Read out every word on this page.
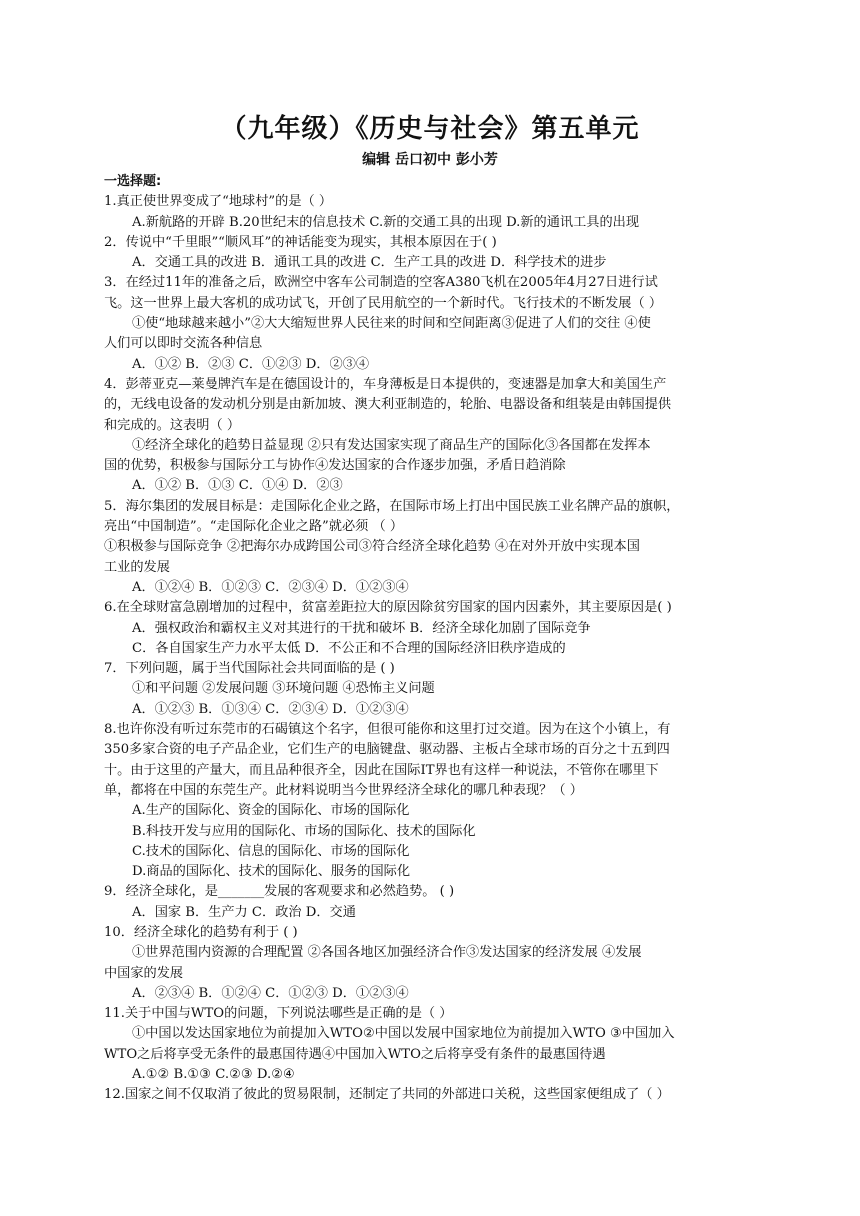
（九年级）《历史与社会》第五单元
编辑 岳口初中 彭小芳
一选择题:
1.真正使世界变成了“地球村”的是（ ）
A.新航路的开辟 B.20世纪末的信息技术 C.新的交通工具的出现 D.新的通讯工具的出现
2．传说中“千里眼”“顺风耳”的神话能变为现实，其根本原因在于( )
A．交通工具的改进 B．通讯工具的改进 C．生产工具的改进 D．科学技术的进步
3．在经过11年的准备之后，欧洲空中客车公司制造的空客A380飞机在2005年4月27日进行试
飞。这一世界上最大客机的成功试飞，开创了民用航空的一个新时代。飞行技术的不断发展（ ）
①使“地球越来越小”②大大缩短世界人民往来的时间和空间距离③促进了人们的交往 ④使
人们可以即时交流各种信息
A．①② B．②③ C．①②③ D．②③④
4．彭蒂亚克—莱曼牌汽车是在德国设计的，车身薄板是日本提供的，变速器是加拿大和美国生产
的，无线电设备的发动机分别是由新加坡、澳大利亚制造的，轮胎、电器设备和组装是由韩国提供
和完成的。这表明（ ）
①经济全球化的趋势日益显现 ②只有发达国家实现了商品生产的国际化③各国都在发挥本
国的优势，积极参与国际分工与协作④发达国家的合作逐步加强，矛盾日趋消除
A．①② B．①③ C．①④ D．②③
5．海尔集团的发展目标是：走国际化企业之路，在国际市场上打出中国民族工业名牌产品的旗帜，
亮出“中国制造”。“走国际化企业之路”就必须 （ ）
①积极参与国际竞争 ②把海尔办成跨国公司③符合经济全球化趋势 ④在对外开放中实现本国
工业的发展
A．①②④ B．①②③ C．②③④ D．①②③④
6.在全球财富急剧增加的过程中，贫富差距拉大的原因除贫穷国家的国内因素外，其主要原因是( )
A．强权政治和霸权主义对其进行的干扰和破坏 B．经济全球化加剧了国际竞争
C．各自国家生产力水平太低 D．不公正和不合理的国际经济旧秩序造成的
7．下列问题，属于当代国际社会共同面临的是 ( )
①和平问题 ②发展问题 ③环境问题 ④恐怖主义问题
A．①②③ B．①③④ C．②③④ D．①②③④
8.也许你没有听过东莞市的石碣镇这个名字，但很可能你和这里打过交道。因为在这个小镇上，有
350多家合资的电子产品企业，它们生产的电脑键盘、驱动器、主板占全球市场的百分之十五到四
十。由于这里的产量大，而且品种很齐全，因此在国际IT界也有这样一种说法，不管你在哪里下
单，都将在中国的东莞生产。此材料说明当今世界经济全球化的哪几种表现？（ ）
A.生产的国际化、资金的国际化、市场的国际化
B.科技开发与应用的国际化、市场的国际化、技术的国际化
C.技术的国际化、信息的国际化、市场的国际化
D.商品的国际化、技术的国际化、服务的国际化
9．经济全球化，是_______发展的客观要求和必然趋势。 ( )
A．国家 B．生产力 C．政治 D．交通
10．经济全球化的趋势有利于 ( )
①世界范围内资源的合理配置 ②各国各地区加强经济合作③发达国家的经济发展 ④发展
中国家的发展
A．②③④ B．①②④ C．①②③ D．①②③④
11.关于中国与WTO的问题，下列说法哪些是正确的是（ ）
①中国以发达国家地位为前提加入WTO②中国以发展中国家地位为前提加入WTO ③中国加入
WTO之后将享受无条件的最惠国待遇④中国加入WTO之后将享受有条件的最惠国待遇
A.①② B.①③ C.②③ D.②④
12.国家之间不仅取消了彼此的贸易限制，还制定了共同的外部进口关税，这些国家便组成了（ ）
